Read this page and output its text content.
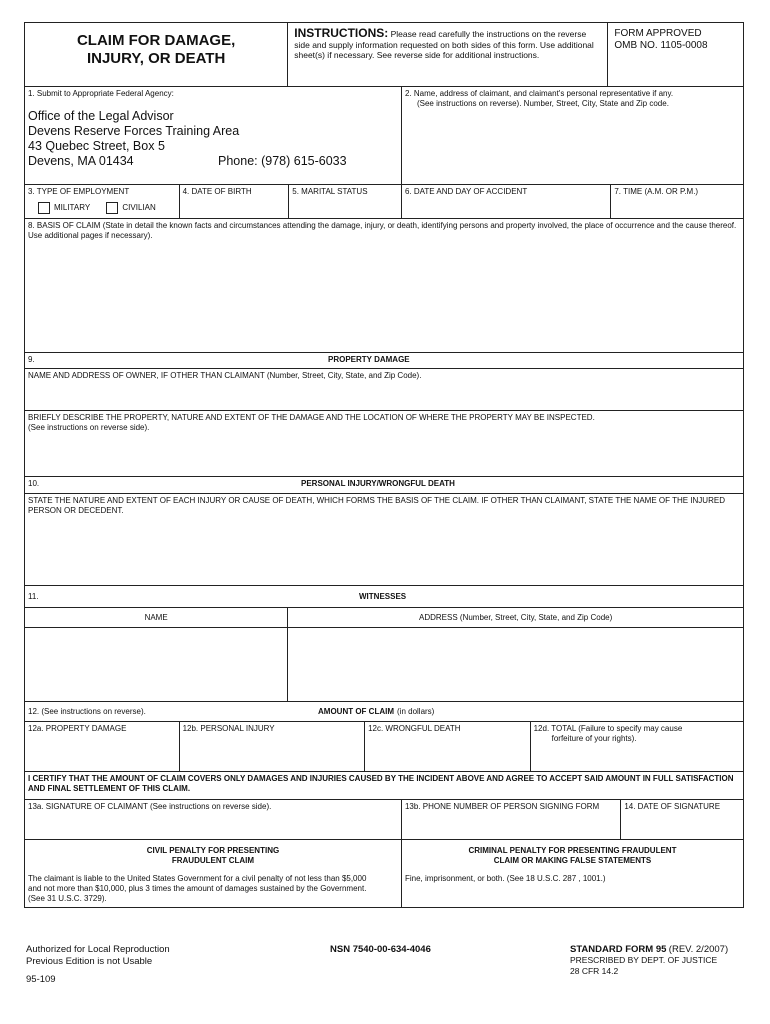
CLAIM FOR DAMAGE,
INJURY, OR DEATH
INSTRUCTIONS: Please read carefully the instructions on the reverse side and supply information requested on both sides of this form. Use additional sheet(s) if necessary. See reverse side for additional instructions.
FORM APPROVED
OMB NO. 1105-0008
1. Submit to Appropriate Federal Agency:
Office of the Legal Advisor
Devens Reserve Forces Training Area
43 Quebec Street, Box 5
Devens, MA 01434	Phone: (978) 615-6033
2. Name, address of claimant, and claimant's personal representative if any.
(See instructions on reverse). Number, Street, City, State and Zip code.
3. TYPE OF EMPLOYMENT
MILITARY	CIVILIAN
4. DATE OF BIRTH	5. MARITAL STATUS	6. DATE AND DAY OF ACCIDENT	7. TIME (A.M. OR P.M.)
8. BASIS OF CLAIM (State in detail the known facts and circumstances attending the damage, injury, or death, identifying persons and property involved, the place of occurrence and the cause thereof. Use additional pages if necessary).
9.	PROPERTY DAMAGE
NAME AND ADDRESS OF OWNER, IF OTHER THAN CLAIMANT (Number, Street, City, State, and Zip Code).
BRIEFLY DESCRIBE THE PROPERTY, NATURE AND EXTENT OF THE DAMAGE AND THE LOCATION OF WHERE THE PROPERTY MAY BE INSPECTED.
(See instructions on reverse side).
10.	PERSONAL INJURY/WRONGFUL DEATH
STATE THE NATURE AND EXTENT OF EACH INJURY OR CAUSE OF DEATH, WHICH FORMS THE BASIS OF THE CLAIM. IF OTHER THAN CLAIMANT, STATE THE NAME OF THE INJURED PERSON OR DECEDENT.
11.	WITNESSES
NAME	ADDRESS (Number, Street, City, State, and Zip Code)
12. (See instructions on reverse).	AMOUNT OF CLAIM (in dollars)
12a. PROPERTY DAMAGE	12b. PERSONAL INJURY	12c. WRONGFUL DEATH	12d. TOTAL (Failure to specify may cause
forfeiture of your rights).
I CERTIFY THAT THE AMOUNT OF CLAIM COVERS ONLY DAMAGES AND INJURIES CAUSED BY THE INCIDENT ABOVE AND AGREE TO ACCEPT SAID AMOUNT IN FULL SATISFACTION AND FINAL SETTLEMENT OF THIS CLAIM.
13a. SIGNATURE OF CLAIMANT (See instructions on reverse side).	13b. PHONE NUMBER OF PERSON SIGNING FORM	14. DATE OF SIGNATURE
CIVIL PENALTY FOR PRESENTING
FRAUDULENT CLAIM
The claimant is liable to the United States Government for a civil penalty of not less than $5,000 and not more than $10,000, plus 3 times the amount of damages sustained by the Government. (See 31 U.S.C. 3729).
CRIMINAL PENALTY FOR PRESENTING FRAUDULENT
CLAIM OR MAKING FALSE STATEMENTS
Fine, imprisonment, or both. (See 18 U.S.C. 287 , 1001.)
Authorized for Local Reproduction
Previous Edition is not Usable
95-109
NSN 7540-00-634-4046	STANDARD FORM 95 (REV. 2/2007)
PRESCRIBED BY DEPT. OF JUSTICE
28 CFR 14.2
